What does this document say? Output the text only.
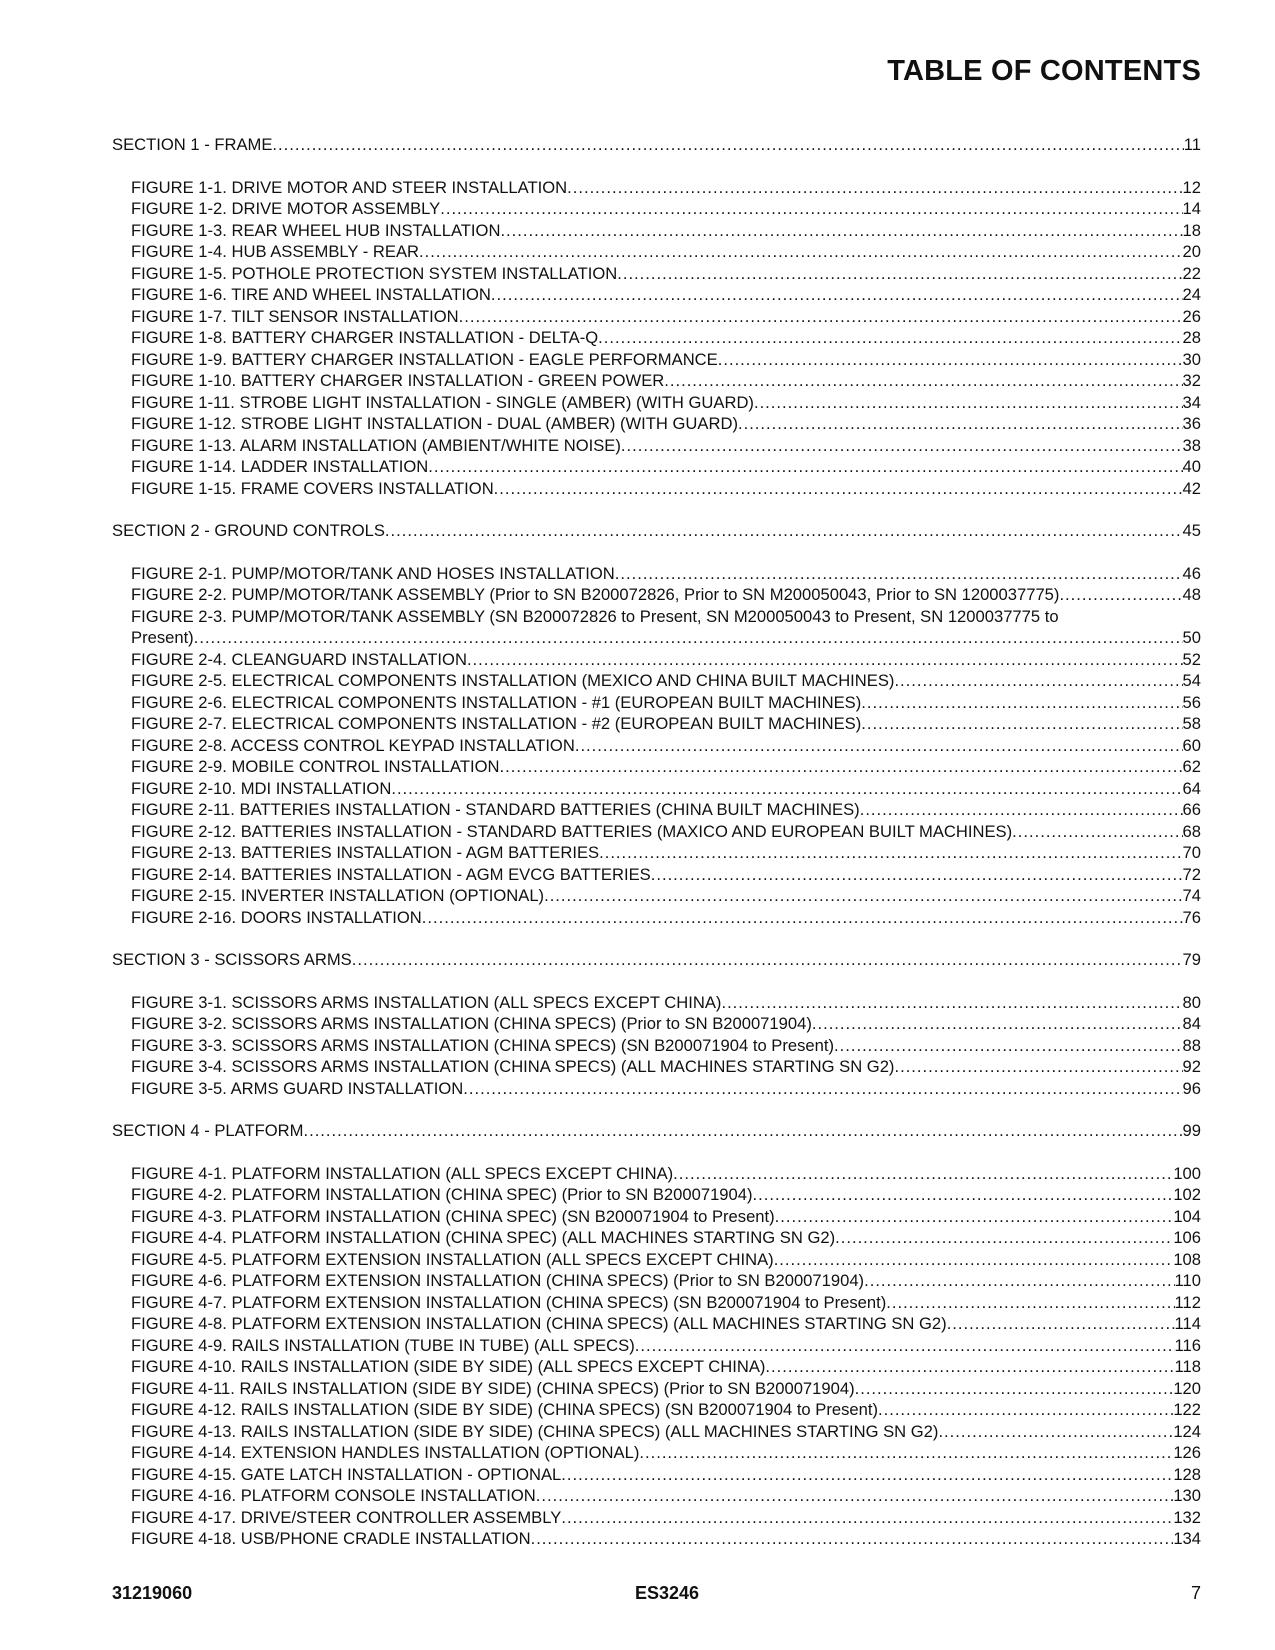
TABLE OF CONTENTS
SECTION 1 - FRAME .....	11
FIGURE 1-1. DRIVE MOTOR AND STEER INSTALLATION .....	12
FIGURE 1-2. DRIVE MOTOR ASSEMBLY .....	14
FIGURE 1-3. REAR WHEEL HUB INSTALLATION .....	18
FIGURE 1-4. HUB ASSEMBLY - REAR .....	20
FIGURE 1-5. POTHOLE PROTECTION SYSTEM INSTALLATION .....	22
FIGURE 1-6. TIRE AND WHEEL INSTALLATION .....	24
FIGURE 1-7. TILT SENSOR INSTALLATION .....	26
FIGURE 1-8. BATTERY CHARGER INSTALLATION - DELTA-Q .....	28
FIGURE 1-9. BATTERY CHARGER INSTALLATION - EAGLE PERFORMANCE .....	30
FIGURE 1-10. BATTERY CHARGER INSTALLATION - GREEN POWER .....	32
FIGURE 1-11. STROBE LIGHT INSTALLATION - SINGLE (AMBER) (WITH GUARD) .....	34
FIGURE 1-12. STROBE LIGHT INSTALLATION - DUAL (AMBER) (WITH GUARD) .....	36
FIGURE 1-13. ALARM INSTALLATION (AMBIENT/WHITE NOISE) .....	38
FIGURE 1-14. LADDER INSTALLATION .....	40
FIGURE 1-15. FRAME COVERS INSTALLATION .....	42
SECTION 2 - GROUND CONTROLS .....	45
FIGURE 2-1. PUMP/MOTOR/TANK AND HOSES INSTALLATION .....	46
FIGURE 2-2. PUMP/MOTOR/TANK ASSEMBLY (Prior to SN B200072826, Prior to SN M200050043, Prior to SN 1200037775) .....	48
FIGURE 2-3. PUMP/MOTOR/TANK ASSEMBLY (SN B200072826 to Present, SN M200050043 to Present, SN 1200037775 to
Present) .....	50
FIGURE 2-4. CLEANGUARD INSTALLATION .....	52
FIGURE 2-5. ELECTRICAL COMPONENTS INSTALLATION (MEXICO AND CHINA BUILT MACHINES) .....	54
FIGURE 2-6. ELECTRICAL COMPONENTS INSTALLATION - #1 (EUROPEAN BUILT MACHINES) .....	56
FIGURE 2-7. ELECTRICAL COMPONENTS INSTALLATION - #2 (EUROPEAN BUILT MACHINES) .....	58
FIGURE 2-8. ACCESS CONTROL KEYPAD INSTALLATION .....	60
FIGURE 2-9. MOBILE CONTROL INSTALLATION .....	62
FIGURE 2-10. MDI INSTALLATION .....	64
FIGURE 2-11. BATTERIES INSTALLATION - STANDARD BATTERIES (CHINA BUILT MACHINES) .....	66
FIGURE 2-12. BATTERIES INSTALLATION - STANDARD BATTERIES (MAXICO AND EUROPEAN BUILT MACHINES) .....	68
FIGURE 2-13. BATTERIES INSTALLATION - AGM BATTERIES .....	70
FIGURE 2-14. BATTERIES INSTALLATION - AGM EVCG BATTERIES .....	72
FIGURE 2-15. INVERTER INSTALLATION (OPTIONAL) .....	74
FIGURE 2-16. DOORS INSTALLATION .....	76
SECTION 3 - SCISSORS ARMS .....	79
FIGURE 3-1. SCISSORS ARMS INSTALLATION (ALL SPECS EXCEPT CHINA) .....	80
FIGURE 3-2. SCISSORS ARMS INSTALLATION (CHINA SPECS) (Prior to SN B200071904) .....	84
FIGURE 3-3. SCISSORS ARMS INSTALLATION (CHINA SPECS) (SN B200071904 to Present) .....	88
FIGURE 3-4. SCISSORS ARMS INSTALLATION (CHINA SPECS) (ALL MACHINES STARTING SN G2) .....	92
FIGURE 3-5. ARMS GUARD INSTALLATION .....	96
SECTION 4 - PLATFORM .....	99
FIGURE 4-1. PLATFORM INSTALLATION (ALL SPECS EXCEPT CHINA) .....	100
FIGURE 4-2. PLATFORM INSTALLATION (CHINA SPEC) (Prior to SN B200071904) .....	102
FIGURE 4-3. PLATFORM INSTALLATION (CHINA SPEC) (SN B200071904 to Present) .....	104
FIGURE 4-4. PLATFORM INSTALLATION (CHINA SPEC) (ALL MACHINES STARTING SN G2) .....	106
FIGURE 4-5. PLATFORM EXTENSION INSTALLATION (ALL SPECS EXCEPT CHINA) .....	108
FIGURE 4-6. PLATFORM EXTENSION INSTALLATION (CHINA SPECS) (Prior to SN B200071904) .....	110
FIGURE 4-7. PLATFORM EXTENSION INSTALLATION (CHINA SPECS) (SN B200071904 to Present) .....	112
FIGURE 4-8. PLATFORM EXTENSION INSTALLATION (CHINA SPECS) (ALL MACHINES STARTING SN G2) .....	114
FIGURE 4-9. RAILS INSTALLATION (TUBE IN TUBE) (ALL SPECS) .....	116
FIGURE 4-10. RAILS INSTALLATION (SIDE BY SIDE) (ALL SPECS EXCEPT CHINA) .....	118
FIGURE 4-11. RAILS INSTALLATION (SIDE BY SIDE) (CHINA SPECS) (Prior to SN B200071904) .....	120
FIGURE 4-12. RAILS INSTALLATION (SIDE BY SIDE) (CHINA SPECS) (SN B200071904 to Present) .....	122
FIGURE 4-13. RAILS INSTALLATION (SIDE BY SIDE) (CHINA SPECS) (ALL MACHINES STARTING SN G2) .....	124
FIGURE 4-14. EXTENSION HANDLES INSTALLATION (OPTIONAL) .....	126
FIGURE 4-15. GATE LATCH INSTALLATION - OPTIONAL .....	128
FIGURE 4-16. PLATFORM CONSOLE INSTALLATION .....	130
FIGURE 4-17. DRIVE/STEER CONTROLLER ASSEMBLY .....	132
FIGURE 4-18. USB/PHONE CRADLE INSTALLATION .....	134
31219060	ES3246	7
